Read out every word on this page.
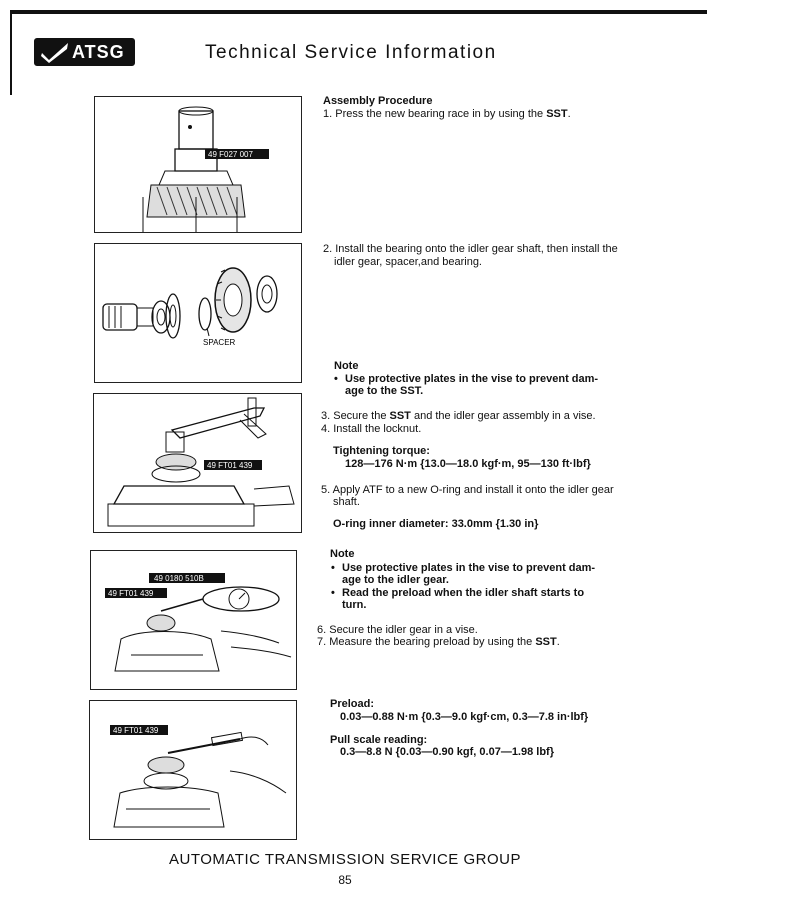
ATSG	Technical Service Information
49 F027 007
SPACER
49 FT01 439
49 0180 510B
49 FT01 439
49 FT01 439
Assembly Procedure
1. Press the new bearing race in by using the SST.
2. Install the bearing onto the idler gear shaft, then install the
idler gear, spacer,and bearing.
Note
• Use protective plates in the vise to prevent dam-
age to the SST.
3. Secure the SST and the idler gear assembly in a vise.
4. Install the locknut.
Tightening torque:
128—176 N·m {13.0—18.0 kgf·m, 95—130 ft·lbf}
5. Apply ATF to a new O-ring and install it onto the idler gear
shaft.
O-ring inner diameter: 33.0mm {1.30 in}
Note
• Use protective plates in the vise to prevent dam-
age to the idler gear.
• Read the preload when the idler shaft starts to
turn.
6. Secure the idler gear in a vise.
7. Measure the bearing preload by using the SST.
Preload:
0.03—0.88 N·m {0.3—9.0 kgf·cm, 0.3—7.8 in·lbf}
Pull scale reading:
0.3—8.8 N {0.03—0.90 kgf, 0.07—1.98 lbf}
AUTOMATIC TRANSMISSION SERVICE GROUP
85
